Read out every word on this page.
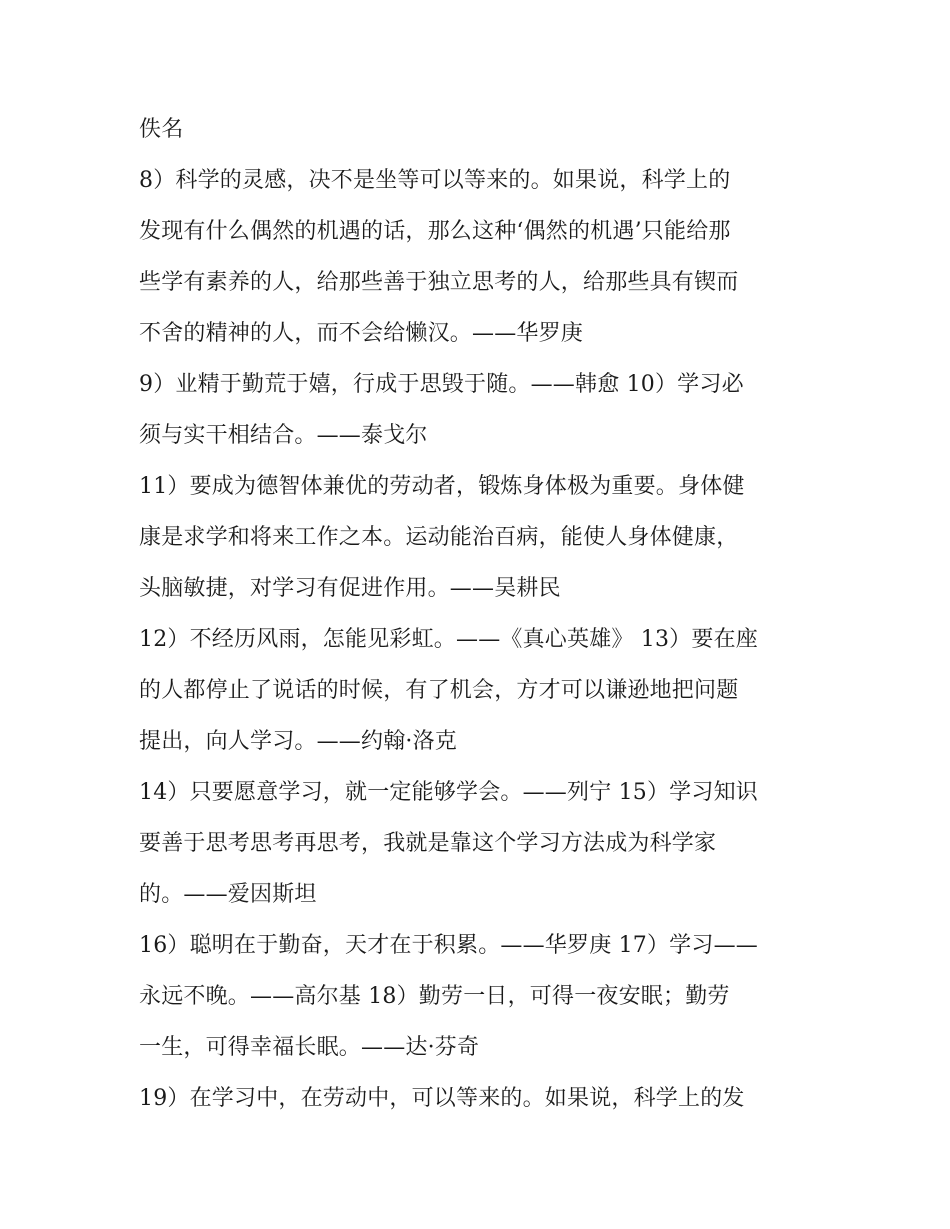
佚名
8）科学的灵感，决不是坐等可以等来的。如果说，科学上的
发现有什么偶然的机遇的话，那么这种‘偶然的机遇’只能给那
些学有素养的人，给那些善于独立思考的人，给那些具有锲而
不舍的精神的人，而不会给懒汉。——华罗庚
9）业精于勤荒于嬉，行成于思毁于随。——韩愈 10）学习必
须与实干相结合。——泰戈尔
11）要成为德智体兼优的劳动者，锻炼身体极为重要。身体健
康是求学和将来工作之本。运动能治百病，能使人身体健康，
头脑敏捷，对学习有促进作用。——吴耕民
12）不经历风雨，怎能见彩虹。——《真心英雄》 13）要在座
的人都停止了说话的时候，有了机会，方才可以谦逊地把问题
提出，向人学习。——约翰·洛克
14）只要愿意学习，就一定能够学会。——列宁 15）学习知识
要善于思考思考再思考，我就是靠这个学习方法成为科学家
的。——爱因斯坦
16）聪明在于勤奋，天才在于积累。——华罗庚 17）学习——
永远不晚。——高尔基 18）勤劳一日，可得一夜安眠；勤劳
一生，可得幸福长眠。——达·芬奇
19）在学习中，在劳动中，可以等来的。如果说，科学上的发
